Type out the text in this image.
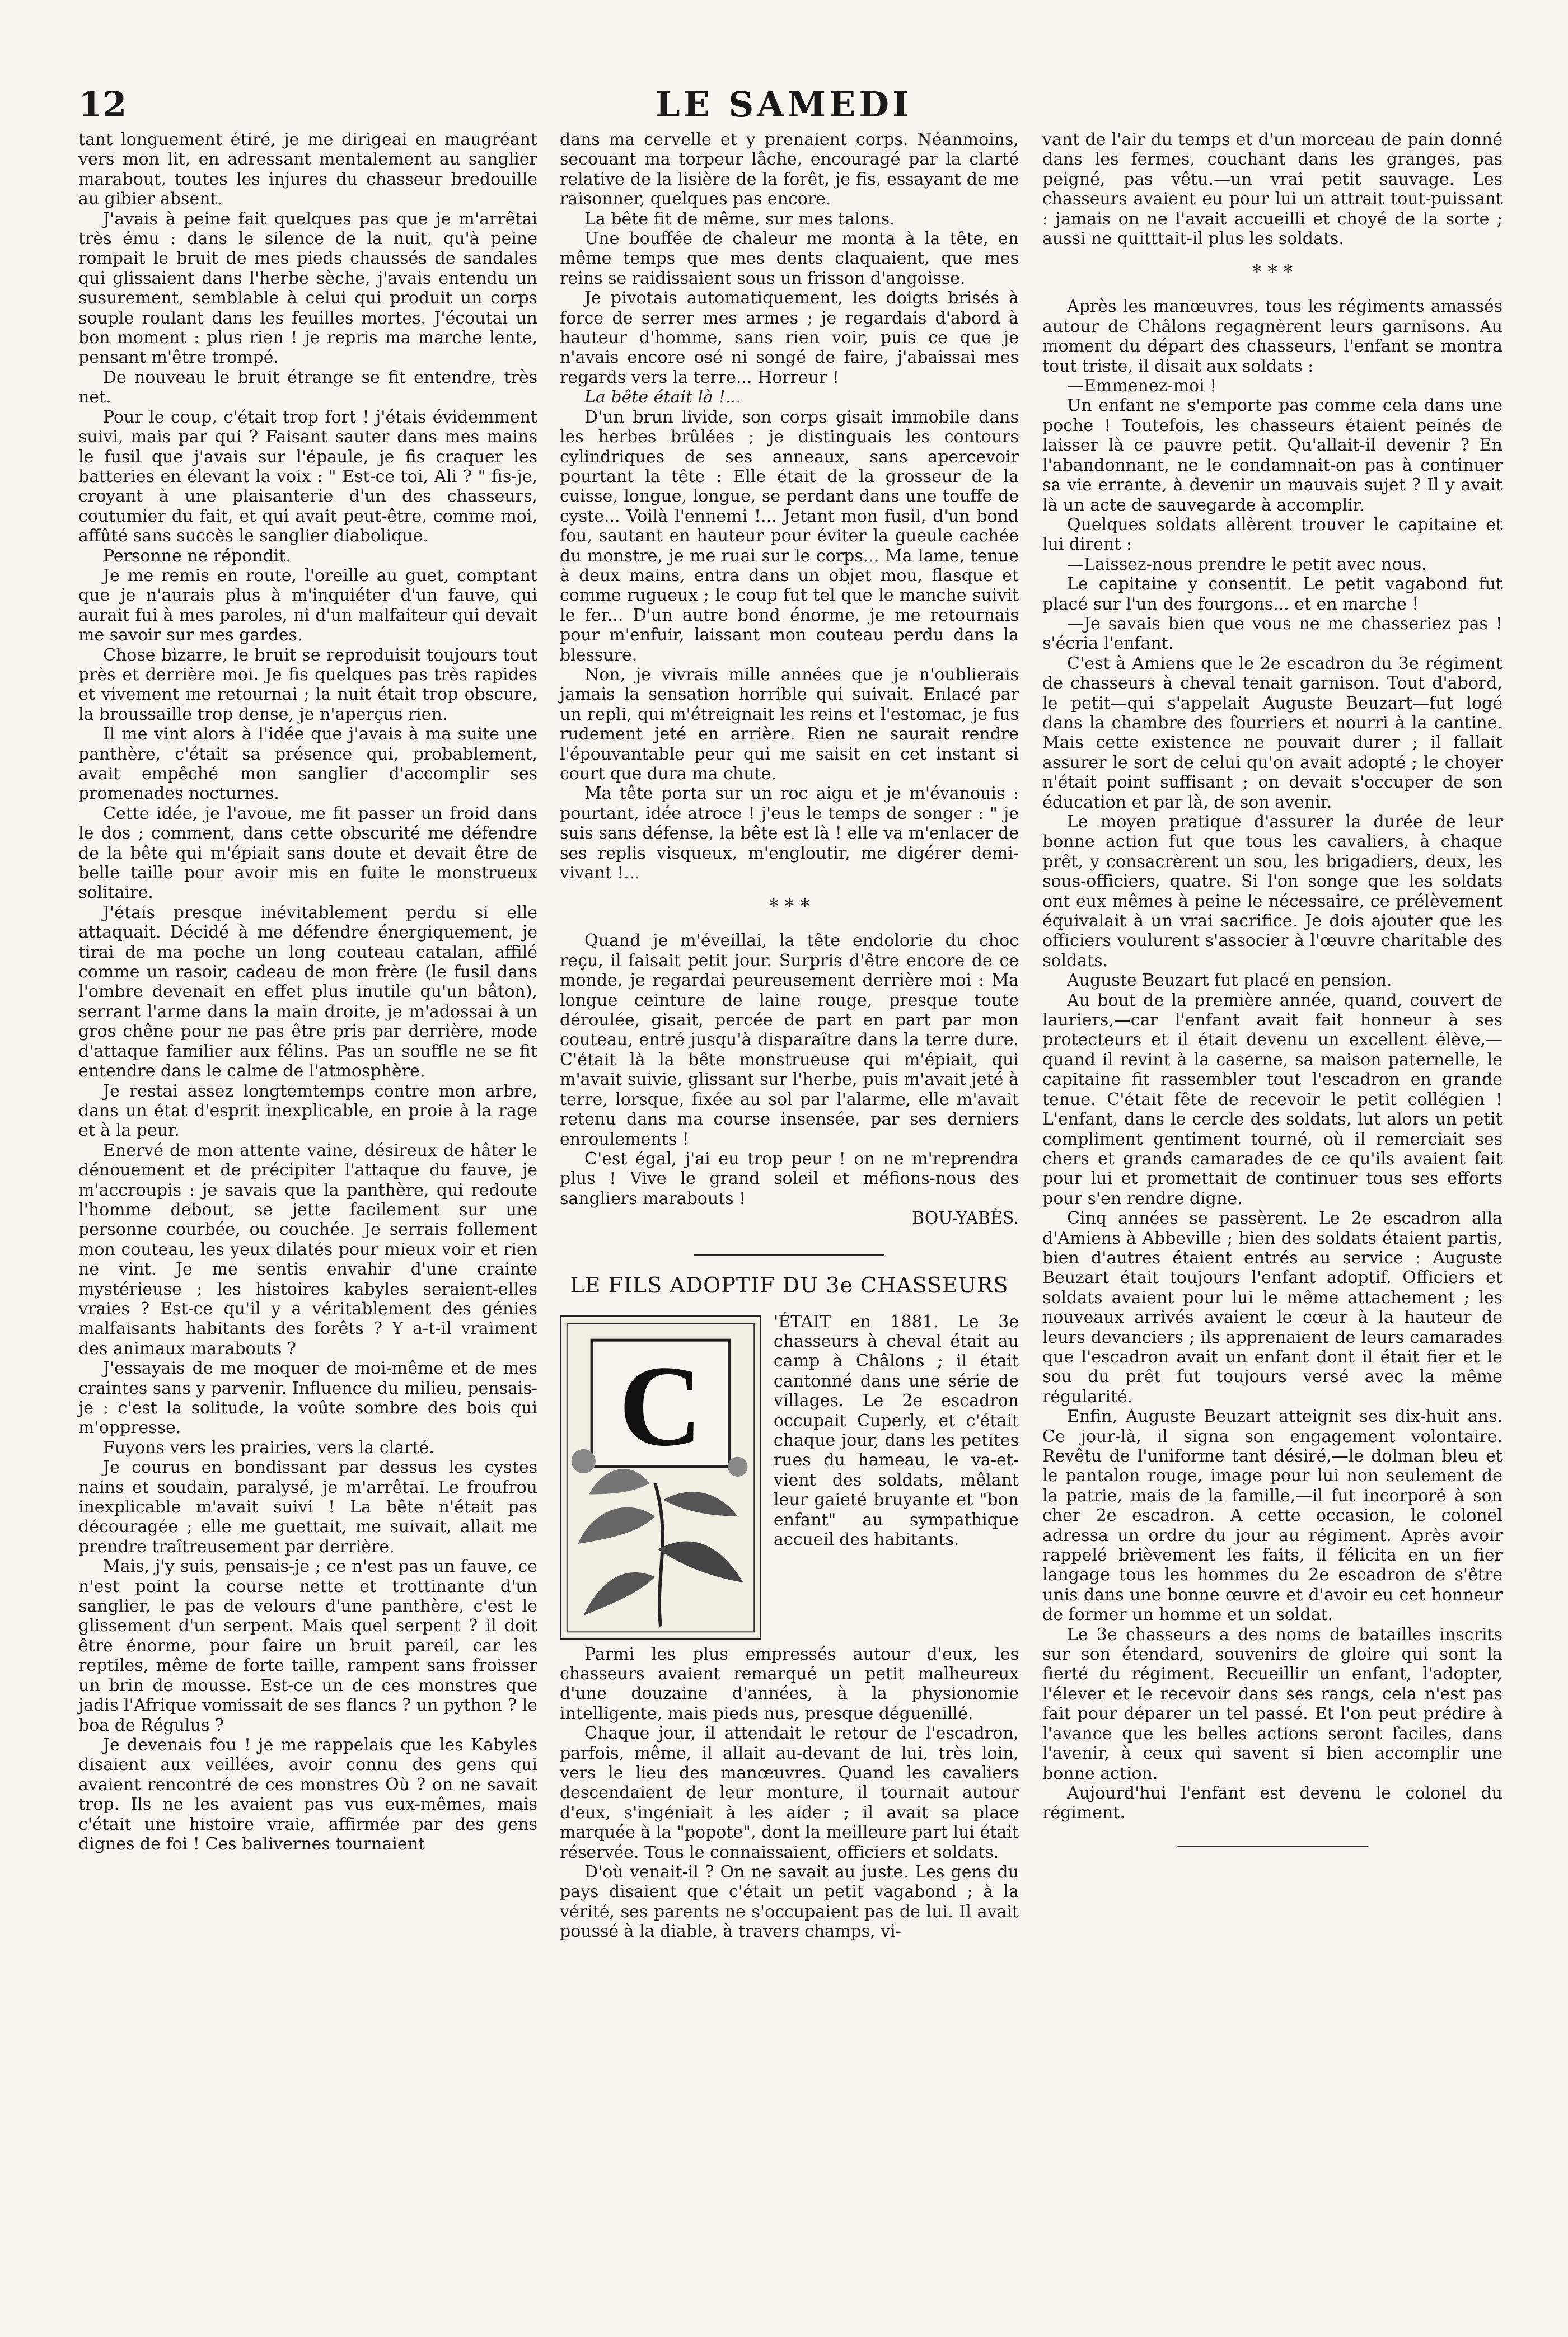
12	LE SAMEDI

tant longuement étiré, je me dirigeai en maugréant vers mon lit, en adressant mentalement au sanglier marabout, toutes les injures du chasseur bredouille au gibier absent.

J'avais à peine fait quelques pas que je m'arrêtai très ému : dans le silence de la nuit, qu'à peine rompait le bruit de mes pieds chaussés de sandales qui glissaient dans l'herbe sèche, j'avais entendu un susurement, semblable à celui qui produit un corps souple roulant dans les feuilles mortes. J'écoutai un bon moment : plus rien ! je repris ma marche lente, pensant m'être trompé.

De nouveau le bruit étrange se fit entendre, très net.

Pour le coup, c'était trop fort ! j'étais évidemment suivi, mais par qui ? Faisant sauter dans mes mains le fusil que j'avais sur l'épaule, je fis craquer les batteries en élevant la voix : " Est-ce toi, Ali ? " fis-je, croyant à une plaisanterie d'un des chasseurs, coutumier du fait, et qui avait peut-être, comme moi, affûté sans succès le sanglier diabolique.

Personne ne répondit.

Je me remis en route, l'oreille au guet, comptant que je n'aurais plus à m'inquiéter d'un fauve, qui aurait fui à mes paroles, ni d'un malfaiteur qui devait me savoir sur mes gardes.

Chose bizarre, le bruit se reproduisit toujours tout près et derrière moi. Je fis quelques pas très rapides et vivement me retournai ; la nuit était trop obscure, la broussaille trop dense, je n'aperçus rien.

Il me vint alors à l'idée que j'avais à ma suite une panthère, c'était sa présence qui, probablement, avait empêché mon sanglier d'accomplir ses promenades nocturnes.

Cette idée, je l'avoue, me fit passer un froid dans le dos ; comment, dans cette obscurité me défendre de la bête qui m'épiait sans doute et devait être de belle taille pour avoir mis en fuite le monstrueux solitaire.

J'étais presque inévitablement perdu si elle attaquait. Décidé à me défendre énergiquement, je tirai de ma poche un long couteau catalan, affilé comme un rasoir, cadeau de mon frère (le fusil dans l'ombre devenait en effet plus inutile qu'un bâton), serrant l'arme dans la main droite, je m'adossai à un gros chêne pour ne pas être pris par derrière, mode d'attaque familier aux félins. Pas un souffle ne se fit entendre dans le calme de l'atmosphère.

Je restai assez longtemtemps contre mon arbre, dans un état d'esprit inexplicable, en proie à la rage et à la peur.

Enervé de mon attente vaine, désireux de hâter le dénouement et de précipiter l'attaque du fauve, je m'accroupis : je savais que la panthère, qui redoute l'homme debout, se jette facilement sur une personne courbée, ou couchée. Je serrais follement mon couteau, les yeux dilatés pour mieux voir et rien ne vint. Je me sentis envahir d'une crainte mystérieuse ; les histoires kabyles seraient-elles vraies ? Est-ce qu'il y a véritablement des génies malfaisants habitants des forêts ? Y a-t-il vraiment des animaux marabouts ?

J'essayais de me moquer de moi-même et de mes craintes sans y parvenir. Influence du milieu, pensais-je : c'est la solitude, la voûte sombre des bois qui m'oppresse.

Fuyons vers les prairies, vers la clarté.

Je courus en bondissant par dessus les cystes nains et soudain, paralysé, je m'arrêtai. Le froufrou inexplicable m'avait suivi ! La bête n'était pas découragée ; elle me guettait, me suivait, allait me prendre traîtreusement par derrière.

Mais, j'y suis, pensais-je ; ce n'est pas un fauve, ce n'est point la course nette et trottinante d'un sanglier, le pas de velours d'une panthère, c'est le glissement d'un serpent. Mais quel serpent ? il doit être énorme, pour faire un bruit pareil, car les reptiles, même de forte taille, rampent sans froisser un brin de mousse. Est-ce un de ces monstres que jadis l'Afrique vomissait de ses flancs ? un python ? le boa de Régulus ?

Je devenais fou ! je me rappelais que les Kabyles disaient aux veillées, avoir connu des gens qui avaient rencontré de ces monstres Où ? on ne savait trop. Ils ne les avaient pas vus eux-mêmes, mais c'était une histoire vraie, affirmée par des gens dignes de foi ! Ces balivernes tournaient

dans ma cervelle et y prenaient corps. Néanmoins, secouant ma torpeur lâche, encouragé par la clarté relative de la lisière de la forêt, je fis, essayant de me raisonner, quelques pas encore.

La bête fit de même, sur mes talons.

Une bouffée de chaleur me monta à la tête, en même temps que mes dents claquaient, que mes reins se raidissaient sous un frisson d'angoisse.

Je pivotais automatiquement, les doigts brisés à force de serrer mes armes ; je regardais d'abord à hauteur d'homme, sans rien voir, puis ce que je n'avais encore osé ni songé de faire, j'abaissai mes regards vers la terre... Horreur !

La bête était là !...

D'un brun livide, son corps gisait immobile dans les herbes brûlées ; je distinguais les contours cylindriques de ses anneaux, sans apercevoir pourtant la tête : Elle était de la grosseur de la cuisse, longue, longue, se perdant dans une touffe de cyste... Voilà l'ennemi !... Jetant mon fusil, d'un bond fou, sautant en hauteur pour éviter la gueule cachée du monstre, je me ruai sur le corps... Ma lame, tenue à deux mains, entra dans un objet mou, flasque et comme rugueux ; le coup fut tel que le manche suivit le fer... D'un autre bond énorme, je me retournais pour m'enfuir, laissant mon couteau perdu dans la blessure.

Non, je vivrais mille années que je n'oublierais jamais la sensation horrible qui suivait. Enlacé par un repli, qui m'étreignait les reins et l'estomac, je fus rudement jeté en arrière. Rien ne saurait rendre l'épouvantable peur qui me saisit en cet instant si court que dura ma chute.

Ma tête porta sur un roc aigu et je m'évanouis : pourtant, idée atroce ! j'eus le temps de songer : " je suis sans défense, la bête est là ! elle va m'enlacer de ses replis visqueux, m'engloutir, me digérer demi-vivant !...

* * *

Quand je m'éveillai, la tête endolorie du choc reçu, il faisait petit jour. Surpris d'être encore de ce monde, je regardai peureusement derrière moi : Ma longue ceinture de laine rouge, presque toute déroulée, gisait, percée de part en part par mon couteau, entré jusqu'à disparaître dans la terre dure. C'était là la bête monstrueuse qui m'épiait, qui m'avait suivie, glissant sur l'herbe, puis m'avait jeté à terre, lorsque, fixée au sol par l'alarme, elle m'avait retenu dans ma course insensée, par ses derniers enroulements !

C'est égal, j'ai eu trop peur ! on ne m'reprendra plus ! Vive le grand soleil et méfions-nous des sangliers marabouts !

BOU-YABÈS.

LE FILS ADOPTIF DU 3e CHASSEURS
C

'ÉTAIT en 1881. Le 3e chasseurs à cheval était au camp à Châlons ; il était cantonné dans une série de villages. Le 2e escadron occupait Cuperly, et c'était chaque jour, dans les petites rues du hameau, le va-et-vient des soldats, mêlant leur gaieté bruyante et "bon enfant" au sympathique accueil des habitants.

Parmi les plus empressés autour d'eux, les chasseurs avaient remarqué un petit malheureux d'une douzaine d'années, à la physionomie intelligente, mais pieds nus, presque déguenillé.

Chaque jour, il attendait le retour de l'escadron, parfois, même, il allait au-devant de lui, très loin, vers le lieu des manœuvres. Quand les cavaliers descendaient de leur monture, il tournait autour d'eux, s'ingéniait à les aider ; il avait sa place marquée à la "popote", dont la meilleure part lui était réservée. Tous le connaissaient, officiers et soldats.

D'où venait-il ? On ne savait au juste. Les gens du pays disaient que c'était un petit vagabond ; à la vérité, ses parents ne s'occupaient pas de lui. Il avait poussé à la diable, à travers champs, vi-

vant de l'air du temps et d'un morceau de pain donné dans les fermes, couchant dans les granges, pas peigné, pas vêtu.—un vrai petit sauvage. Les chasseurs avaient eu pour lui un attrait tout-puissant : jamais on ne l'avait accueilli et choyé de la sorte ; aussi ne quitttait-il plus les soldats.

* * *

Après les manœuvres, tous les régiments amassés autour de Châlons regagnèrent leurs garnisons. Au moment du départ des chasseurs, l'enfant se montra tout triste, il disait aux soldats :

—Emmenez-moi !

Un enfant ne s'emporte pas comme cela dans une poche ! Toutefois, les chasseurs étaient peinés de laisser là ce pauvre petit. Qu'allait-il devenir ? En l'abandonnant, ne le condamnait-on pas à continuer sa vie errante, à devenir un mauvais sujet ? Il y avait là un acte de sauvegarde à accomplir.

Quelques soldats allèrent trouver le capitaine et lui dirent :

—Laissez-nous prendre le petit avec nous.

Le capitaine y consentit. Le petit vagabond fut placé sur l'un des fourgons... et en marche !

—Je savais bien que vous ne me chasseriez pas ! s'écria l'enfant.

C'est à Amiens que le 2e escadron du 3e régiment de chasseurs à cheval tenait garnison. Tout d'abord, le petit—qui s'appelait Auguste Beuzart—fut logé dans la chambre des fourriers et nourri à la cantine. Mais cette existence ne pouvait durer ; il fallait assurer le sort de celui qu'on avait adopté ; le choyer n'était point suffisant ; on devait s'occuper de son éducation et par là, de son avenir.

Le moyen pratique d'assurer la durée de leur bonne action fut que tous les cavaliers, à chaque prêt, y consacrèrent un sou, les brigadiers, deux, les sous-officiers, quatre. Si l'on songe que les soldats ont eux mêmes à peine le nécessaire, ce prélèvement équivalait à un vrai sacrifice. Je dois ajouter que les officiers voulurent s'associer à l'œuvre charitable des soldats.

Auguste Beuzart fut placé en pension.

Au bout de la première année, quand, couvert de lauriers,—car l'enfant avait fait honneur à ses protecteurs et il était devenu un excellent élève,—quand il revint à la caserne, sa maison paternelle, le capitaine fit rassembler tout l'escadron en grande tenue. C'était fête de recevoir le petit collégien ! L'enfant, dans le cercle des soldats, lut alors un petit compliment gentiment tourné, où il remerciait ses chers et grands camarades de ce qu'ils avaient fait pour lui et promettait de continuer tous ses efforts pour s'en rendre digne.

Cinq années se passèrent. Le 2e escadron alla d'Amiens à Abbeville ; bien des soldats étaient partis, bien d'autres étaient entrés au service : Auguste Beuzart était toujours l'enfant adoptif. Officiers et soldats avaient pour lui le même attachement ; les nouveaux arrivés avaient le cœur à la hauteur de leurs devanciers ; ils apprenaient de leurs camarades que l'escadron avait un enfant dont il était fier et le sou du prêt fut toujours versé avec la même régularité.

Enfin, Auguste Beuzart atteignit ses dix-huit ans. Ce jour-là, il signa son engagement volontaire. Revêtu de l'uniforme tant désiré,—le dolman bleu et le pantalon rouge, image pour lui non seulement de la patrie, mais de la famille,—il fut incorporé à son cher 2e escadron. A cette occasion, le colonel adressa un ordre du jour au régiment. Après avoir rappelé brièvement les faits, il félicita en un fier langage tous les hommes du 2e escadron de s'être unis dans une bonne œuvre et d'avoir eu cet honneur de former un homme et un soldat.

Le 3e chasseurs a des noms de batailles inscrits sur son étendard, souvenirs de gloire qui sont la fierté du régiment. Recueillir un enfant, l'adopter, l'élever et le recevoir dans ses rangs, cela n'est pas fait pour déparer un tel passé. Et l'on peut prédire à l'avance que les belles actions seront faciles, dans l'avenir, à ceux qui savent si bien accomplir une bonne action.

Aujourd'hui l'enfant est devenu le colonel du régiment.
